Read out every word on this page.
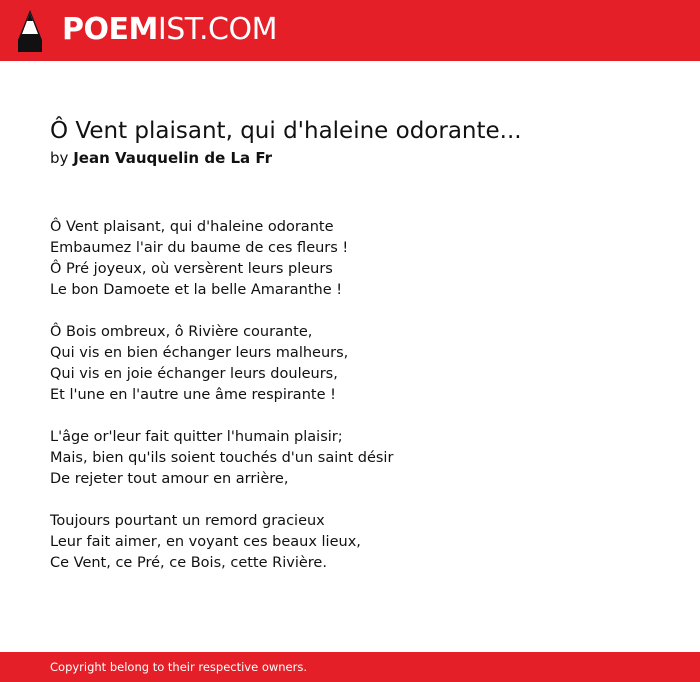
POEMIST.COM
Ô Vent plaisant, qui d'haleine odorante...
by Jean Vauquelin de La Fr
Ô Vent plaisant, qui d'haleine odorante
Embaumez l'air du baume de ces fleurs !
Ô Pré joyeux, où versèrent leurs pleurs
Le bon Damoete et la belle Amaranthe !
Ô Bois ombreux, ô Rivière courante,
Qui vis en bien échanger leurs malheurs,
Qui vis en joie échanger leurs douleurs,
Et l'une en l'autre une âme respirante !
L'âge or'leur fait quitter l'humain plaisir;
Mais, bien qu'ils soient touchés d'un saint désir
De rejeter tout amour en arrière,
Toujours pourtant un remord gracieux
Leur fait aimer, en voyant ces beaux lieux,
Ce Vent, ce Pré, ce Bois, cette Rivière.
Copyright belong to their respective owners.
